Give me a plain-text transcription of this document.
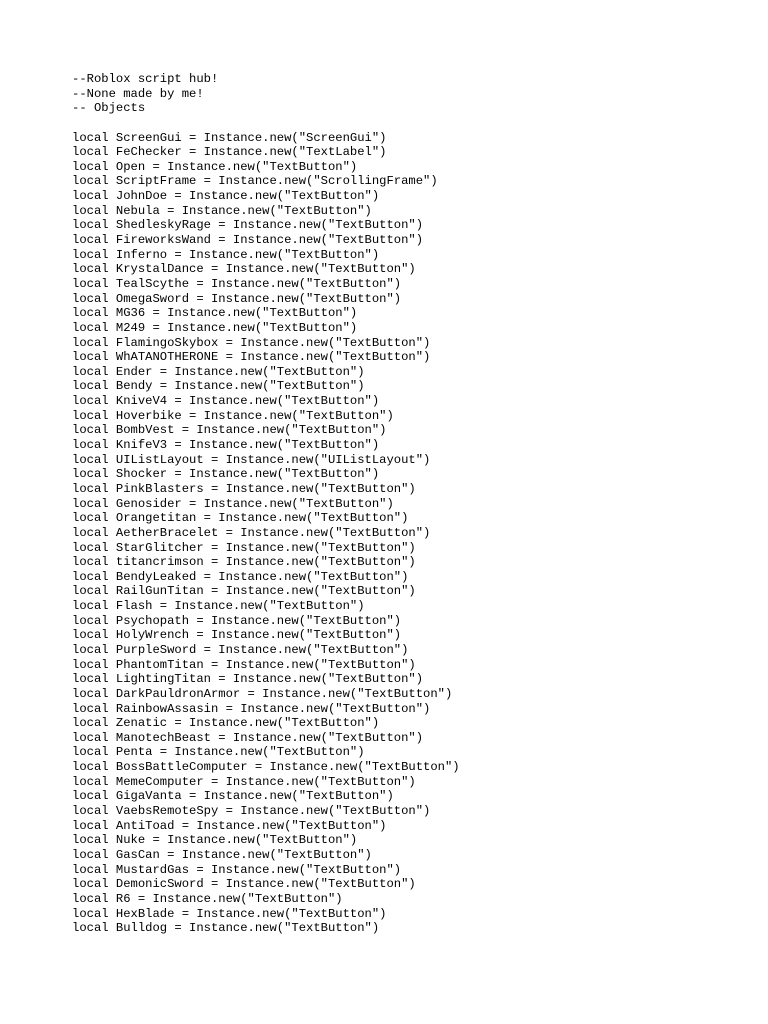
--Roblox script hub!
--None made by me!
-- Objects
local ScreenGui = Instance.new("ScreenGui")
local FeChecker = Instance.new("TextLabel")
local Open = Instance.new("TextButton")
local ScriptFrame = Instance.new("ScrollingFrame")
local JohnDoe = Instance.new("TextButton")
local Nebula = Instance.new("TextButton")
local ShedleskyRage = Instance.new("TextButton")
local FireworksWand = Instance.new("TextButton")
local Inferno = Instance.new("TextButton")
local KrystalDance = Instance.new("TextButton")
local TealScythe = Instance.new("TextButton")
local OmegaSword = Instance.new("TextButton")
local MG36 = Instance.new("TextButton")
local M249 = Instance.new("TextButton")
local FlamingoSkybox = Instance.new("TextButton")
local WhATANOTHERONE = Instance.new("TextButton")
local Ender = Instance.new("TextButton")
local Bendy = Instance.new("TextButton")
local KniveV4 = Instance.new("TextButton")
local Hoverbike = Instance.new("TextButton")
local BombVest = Instance.new("TextButton")
local KnifeV3 = Instance.new("TextButton")
local UIListLayout = Instance.new("UIListLayout")
local Shocker = Instance.new("TextButton")
local PinkBlasters = Instance.new("TextButton")
local Genosider = Instance.new("TextButton")
local Orangetitan = Instance.new("TextButton")
local AetherBracelet = Instance.new("TextButton")
local StarGlitcher = Instance.new("TextButton")
local titancrimson = Instance.new("TextButton")
local BendyLeaked = Instance.new("TextButton")
local RailGunTitan = Instance.new("TextButton")
local Flash = Instance.new("TextButton")
local Psychopath = Instance.new("TextButton")
local HolyWrench = Instance.new("TextButton")
local PurpleSword = Instance.new("TextButton")
local PhantomTitan = Instance.new("TextButton")
local LightingTitan = Instance.new("TextButton")
local DarkPauldronArmor = Instance.new("TextButton")
local RainbowAssasin = Instance.new("TextButton")
local Zenatic = Instance.new("TextButton")
local ManotechBeast = Instance.new("TextButton")
local Penta = Instance.new("TextButton")
local BossBattleComputer = Instance.new("TextButton")
local MemeComputer = Instance.new("TextButton")
local GigaVanta = Instance.new("TextButton")
local VaebsRemoteSpy = Instance.new("TextButton")
local AntiToad = Instance.new("TextButton")
local Nuke = Instance.new("TextButton")
local GasCan = Instance.new("TextButton")
local MustardGas = Instance.new("TextButton")
local DemonicSword = Instance.new("TextButton")
local R6 = Instance.new("TextButton")
local HexBlade = Instance.new("TextButton")
local Bulldog = Instance.new("TextButton")
